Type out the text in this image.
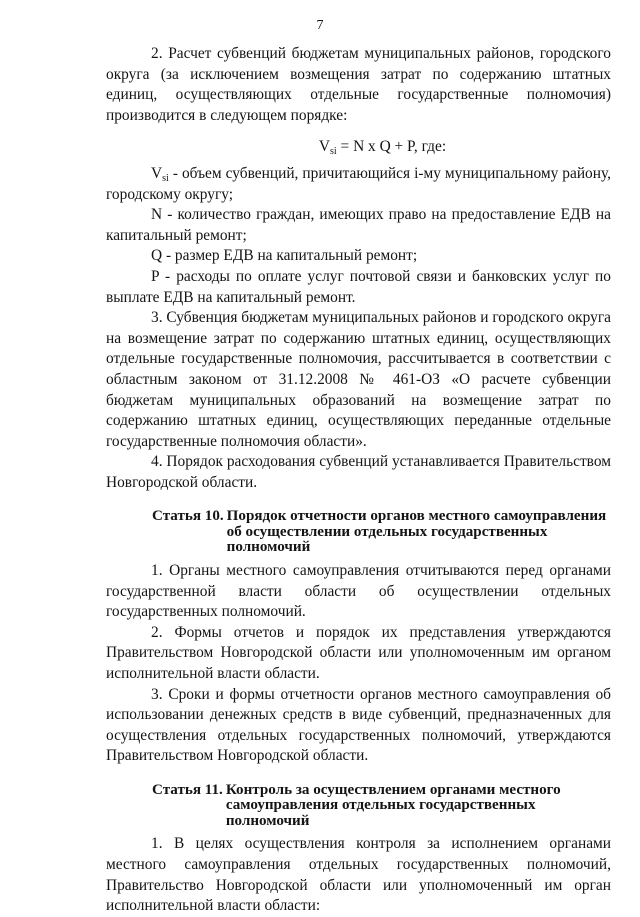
7

2. Расчет субвенций бюджетам муниципальных районов, городского округа (за исключением возмещения затрат по содержанию штатных единиц, осуществляющих отдельные государственные полномочия) производится в следующем порядке:

$V_{si} = N$ x Q + P, где:

$V_{si}$ - объем субвенций, причитающийся i-му муниципальному району, городскому округу;

N - количество граждан, имеющих право на предоставление ЕДВ на капитальный ремонт;

Q - размер ЕДВ на капитальный ремонт;

P - расходы по оплате услуг почтовой связи и банковских услуг по выплате ЕДВ на капитальный ремонт.

3. Субвенция бюджетам муниципальных районов и городского округа на возмещение затрат по содержанию штатных единиц, осуществляющих отдельные государственные полномочия, рассчитывается в соответствии с областным законом от 31.12.2008 № 461-ОЗ «О расчете субвенции бюджетам муниципальных образований на возмещение затрат по содержанию штатных единиц, осуществляющих переданные отдельные государственные полномочия области».

4. Порядок расходования субвенций устанавливается Правительством Новгородской области.

Статья 10. Порядок отчетности органов местного самоуправления об осуществлении отдельных государственных полномочий

1. Органы местного самоуправления отчитываются перед органами государственной власти области об осуществлении отдельных государственных полномочий.

2. Формы отчетов и порядок их представления утверждаются Правительством Новгородской области или уполномоченным им органом исполнительной власти области.

3. Сроки и формы отчетности органов местного самоуправления об использовании денежных средств в виде субвенций, предназначенных для осуществления отдельных государственных полномочий, утверждаются Правительством Новгородской области.

Статья 11. Контроль за осуществлением органами местного самоуправления отдельных государственных полномочий

1. В целях осуществления контроля за исполнением органами местного самоуправления отдельных государственных полномочий, Правительство Новгородской области или уполномоченный им орган исполнительной власти области:
